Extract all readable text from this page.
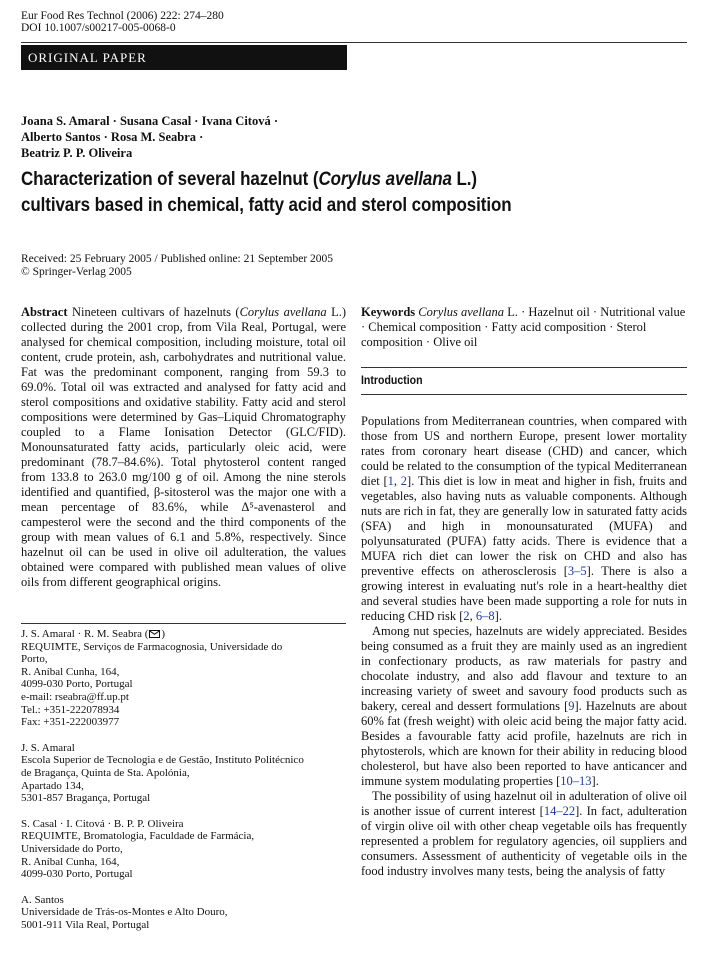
Eur Food Res Technol (2006) 222: 274–280
DOI 10.1007/s00217-005-0068-0
ORIGINAL PAPER
Joana S. Amaral · Susana Casal · Ivana Citová ·
Alberto Santos · Rosa M. Seabra ·
Beatriz P. P. Oliveira
Characterization of several hazelnut (Corylus avellana L.)
cultivars based in chemical, fatty acid and sterol composition
Received: 25 February 2005 / Published online: 21 September 2005
© Springer-Verlag 2005

Abstract Nineteen cultivars of hazelnuts (Corylus avellana L.) collected during the 2001 crop, from Vila Real, Portugal, were analysed for chemical composition, including moisture, total oil content, crude protein, ash, carbohydrates and nutritional value. Fat was the predominant component, ranging from 59.3 to 69.0%. Total oil was extracted and analysed for fatty acid and sterol compositions and oxidative stability. Fatty acid and sterol compositions were determined by Gas–Liquid Chromatography coupled to a Flame Ionisation Detector (GLC/FID). Monounsaturated fatty acids, particularly oleic acid, were predominant (78.7–84.6%). Total phytosterol content ranged from 133.8 to 263.0 mg/100 g of oil. Among the nine sterols identified and quantified, β-sitosterol was the major one with a mean percentage of 83.6%, while Δ⁵-avenasterol and campesterol were the second and the third components of the group with mean values of 6.1 and 5.8%, respectively. Since hazelnut oil can be used in olive oil adulteration, the values obtained were compared with published mean values of olive oils from different geographical origins.

J. S. Amaral · R. M. Seabra ( )
REQUIMTE, Serviços de Farmacognosia, Universidade do
Porto,
R. Aníbal Cunha, 164,
4099-030 Porto, Portugal
e-mail: rseabra@ff.up.pt
Tel.: +351-222078934
Fax: +351-222003977
J. S. Amaral
Escola Superior de Tecnologia e de Gestão, Instituto Politécnico
de Bragança, Quinta de Sta. Apolónia,
Apartado 134,
5301-857 Bragança, Portugal
S. Casal · I. Citová · B. P. P. Oliveira
REQUIMTE, Bromatologia, Faculdade de Farmácia,
Universidade do Porto,
R. Aníbal Cunha, 164,
4099-030 Porto, Portugal
A. Santos
Universidade de Trás-os-Montes e Alto Douro,
5001-911 Vila Real, Portugal

Keywords Corylus avellana L. · Hazelnut oil · Nutritional value · Chemical composition · Fatty acid composition · Sterol composition · Olive oil

Introduction

Populations from Mediterranean countries, when compared with those from US and northern Europe, present lower mortality rates from coronary heart disease (CHD) and cancer, which could be related to the consumption of the typical Mediterranean diet [1, 2]. This diet is low in meat and higher in fish, fruits and vegetables, also having nuts as valuable components. Although nuts are rich in fat, they are generally low in saturated fatty acids (SFA) and high in monounsaturated (MUFA) and polyunsaturated (PUFA) fatty acids. There is evidence that a MUFA rich diet can lower the risk on CHD and also has preventive effects on atherosclerosis [3–5]. There is also a growing interest in evaluating nut's role in a heart-healthy diet and several studies have been made supporting a role for nuts in reducing CHD risk [2, 6–8].

Among nut species, hazelnuts are widely appreciated. Besides being consumed as a fruit they are mainly used as an ingredient in confectionary products, as raw materials for pastry and chocolate industry, and also add flavour and texture to an increasing variety of sweet and savoury food products such as bakery, cereal and dessert formulations [9]. Hazelnuts are about 60% fat (fresh weight) with oleic acid being the major fatty acid. Besides a favourable fatty acid profile, hazelnuts are rich in phytosterols, which are known for their ability in reducing blood cholesterol, but have also been reported to have anticancer and immune system modulating properties [10–13].

The possibility of using hazelnut oil in adulteration of olive oil is another issue of current interest [14–22]. In fact, adulteration of virgin olive oil with other cheap vegetable oils has frequently represented a problem for regulatory agencies, oil suppliers and consumers. Assessment of authenticity of vegetable oils in the food industry involves many tests, being the analysis of fatty
